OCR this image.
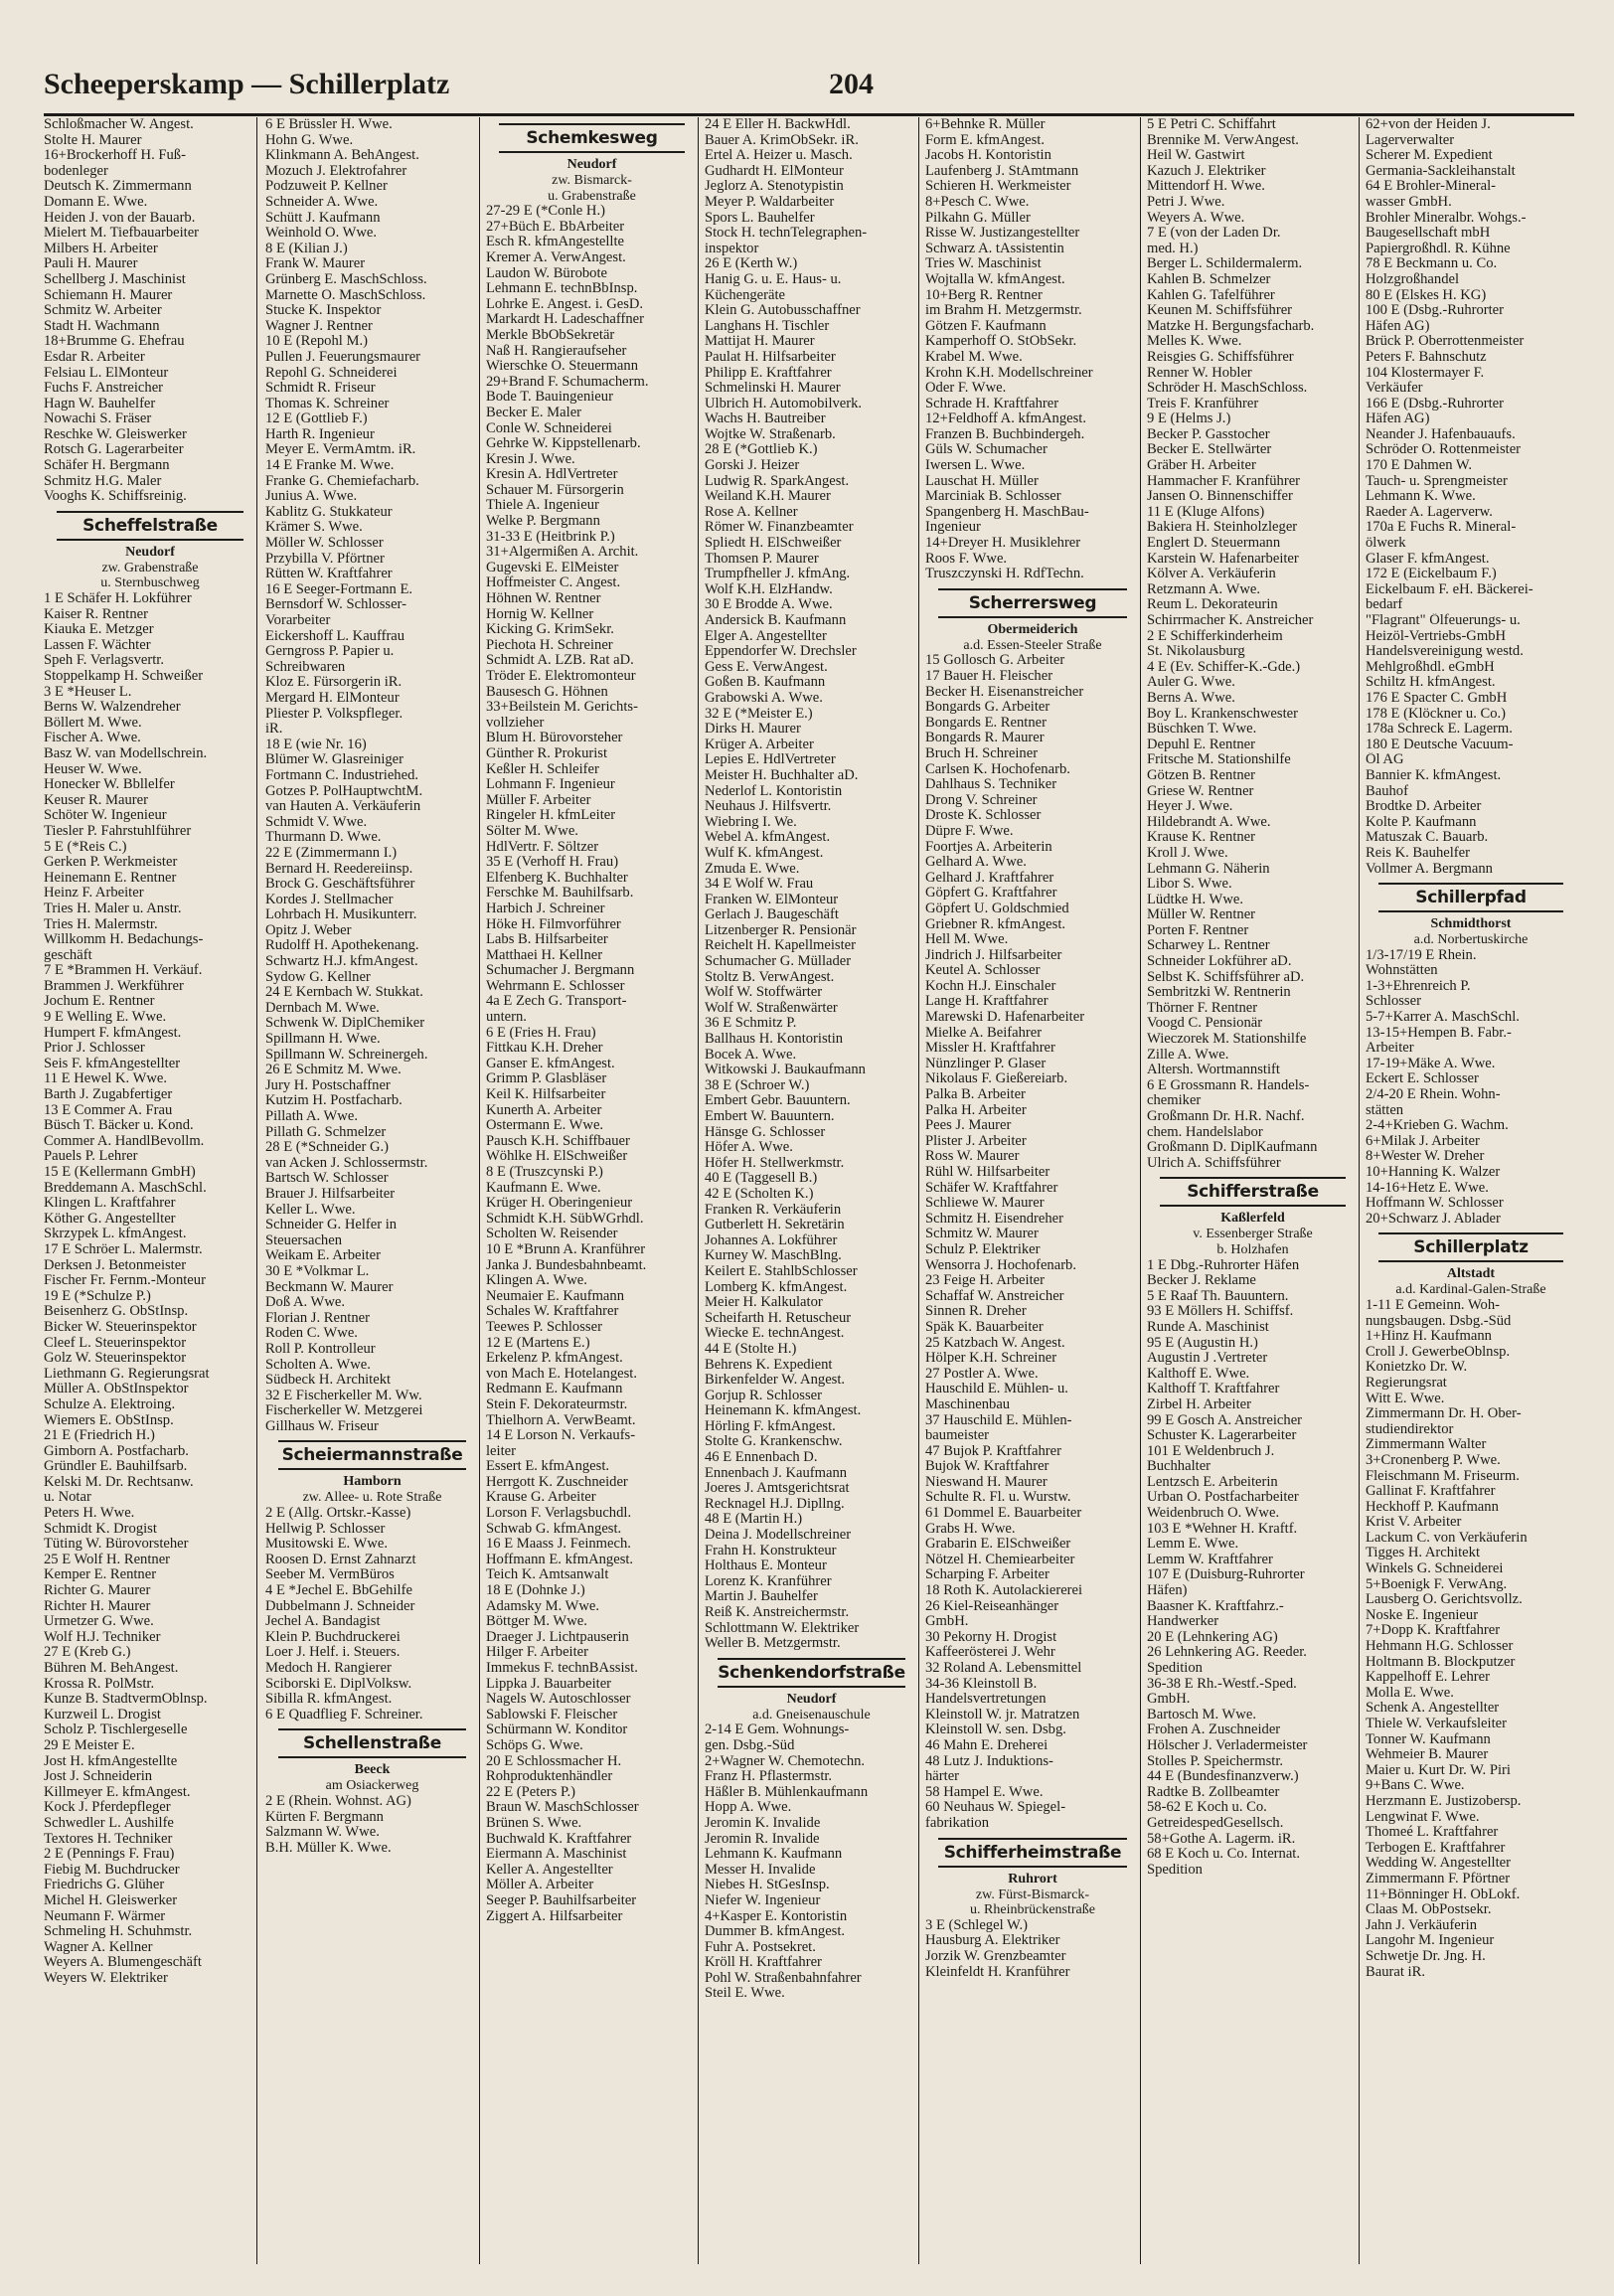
Scheeperskamp — Schillerplatz	204
Schloßmacher W. Angest.
Stolte H. Maurer
16+Brockerhoff H. Fuß-
bodenleger
Deutsch K. Zimmermann
Domann E. Wwe.
Heiden J. von der Bauarb.
Mielert M. Tiefbauarbeiter
Milbers H. Arbeiter
Pauli H. Maurer
Schellberg J. Maschinist
Schiemann H. Maurer
Schmitz W. Arbeiter
Stadt H. Wachmann
18+Brumme G. Ehefrau
Esdar R. Arbeiter
Felsiau L. ElMonteur
Fuchs F. Anstreicher
Hagn W. Bauhelfer
Nowachi S. Fräser
Reschke W. Gleiswerker
Rotsch G. Lagerarbeiter
Schäfer H. Bergmann
Schmitz H.G. Maler
Vooghs K. Schiffsreinig.
Scheffelstraße
Neudorf
zw. Grabenstraße
u. Sternbuschweg
1 E Schäfer H. Lokführer
Kaiser R. Rentner
Kiauka E. Metzger
Lassen F. Wächter
Speh F. Verlagsvertr.
Stoppelkamp H. Schweißer
3 E *Heuser L.
Berns W. Walzendreher
Böllert M. Wwe.
Fischer A. Wwe.
Basz W. van Modellschrein.
Heuser W. Wwe.
Honecker W. Bbllelfer
Keuser R. Maurer
Schöter W. Ingenieur
Tiesler P. Fahrstuhlführer
5 E (*Reis C.)
Gerken P. Werkmeister
Heinemann E. Rentner
Heinz F. Arbeiter
Tries H. Maler u. Anstr.
Tries H. Malermstr.
Willkomm H. Bedachungs-
geschäft
7 E *Brammen H. Verkäuf.
Brammen J. Werkführer
Jochum E. Rentner
9 E Welling E. Wwe.
Humpert F. kfmAngest.
Prior J. Schlosser
Seis F. kfmAngestellter
11 E Hewel K. Wwe.
Barth J. Zugabfertiger
13 E Commer A. Frau
Büsch T. Bäcker u. Kond.
Commer A. HandlBevollm.
Pauels P. Lehrer
15 E (Kellermann GmbH)
Breddemann A. MaschSchl.
Klingen L. Kraftfahrer
Köther G. Angestellter
Skrzypek L. kfmAngest.
17 E Schröer L. Malermstr.
Derksen J. Betonmeister
Fischer Fr. Fernm.-Monteur
19 E (*Schulze P.)
Beisenherz G. ObStInsp.
Bicker W. Steuerinspektor
Cleef L. Steuerinspektor
Golz W. Steuerinspektor
Liethmann G. Regierungsrat
Müller A. ObStInspektor
Schulze A. Elektroing.
Wiemers E. ObStInsp.
21 E (Friedrich H.)
Gimborn A. Postfacharb.
Gründler E. Bauhilfsarb.
Kelski M. Dr. Rechtsanw.
u. Notar
Peters H. Wwe.
Schmidt K. Drogist
Tüting W. Bürovorsteher
25 E Wolf H. Rentner
Kemper E. Rentner
Richter G. Maurer
Richter H. Maurer
Urmetzer G. Wwe.
Wolf H.J. Techniker
27 E (Kreb G.)
Bühren M. BehAngest.
Krossa R. PolMstr.
Kunze B. StadtvermOblnsp.
Kurzweil L. Drogist
Scholz P. Tischlergeselle
29 E Meister E.
Jost H. kfmAngestellte
Jost J. Schneiderin
Killmeyer E. kfmAngest.
Kock J. Pferdepfleger
Schwedler L. Aushilfe
Textores H. Techniker
2 E (Pennings F. Frau)
Fiebig M. Buchdrucker
Friedrichs G. Glüher
Michel H. Gleiswerker
Neumann F. Wärmer
Schmeling H. Schuhmstr.
Wagner A. Kellner
Weyers A. Blumengeschäft
Weyers W. Elektriker
6 E Brüssler H. Wwe.
Hohn G. Wwe.
Klinkmann A. BehAngest.
Mozuch J. Elektrofahrer
Podzuweit P. Kellner
Schneider A. Wwe.
Schütt J. Kaufmann
Weinhold O. Wwe.
8 E (Kilian J.)
Frank W. Maurer
Grünberg E. MaschSchloss.
Marnette O. MaschSchloss.
Stucke K. Inspektor
Wagner J. Rentner
10 E (Repohl M.)
Pullen J. Feuerungsmaurer
Repohl G. Schneiderei
Schmidt R. Friseur
Thomas K. Schreiner
12 E (Gottlieb F.)
Harth R. Ingenieur
Meyer E. VermAmtm. iR.
14 E Franke M. Wwe.
Franke G. Chemiefacharb.
Junius A. Wwe.
Kablitz G. Stukkateur
Krämer S. Wwe.
Möller W. Schlosser
Przybilla V. Pförtner
Rütten W. Kraftfahrer
16 E Seeger-Fortmann E.
Bernsdorf W. Schlosser-
Vorarbeiter
Eickershoff L. Kauffrau
Gerngross P. Papier u.
Schreibwaren
Kloz E. Fürsorgerin iR.
Mergard H. ElMonteur
Pliester P. Volkspfleger.
iR.
18 E (wie Nr. 16)
Blümer W. Glasreiniger
Fortmann C. Industriehed.
Gotzes P. PolHauptwchtM.
van Hauten A. Verkäuferin
Schmidt V. Wwe.
Thurmann D. Wwe.
22 E (Zimmermann I.)
Bernard H. Reedereiinsp.
Brock G. Geschäftsführer
Kordes J. Stellmacher
Lohrbach H. Musikunterr.
Opitz J. Weber
Rudolff H. Apothekenang.
Schwartz H.J. kfmAngest.
Sydow G. Kellner
24 E Kernbach W. Stukkat.
Dernbach M. Wwe.
Schwenk W. DiplChemiker
Spillmann H. Wwe.
Spillmann W. Schreinergeh.
26 E Schmitz M. Wwe.
Jury H. Postschaffner
Kutzim H. Postfacharb.
Pillath A. Wwe.
Pillath G. Schmelzer
28 E (*Schneider G.)
van Acken J. Schlossermstr.
Bartsch W. Schlosser
Brauer J. Hilfsarbeiter
Keller L. Wwe.
Schneider G. Helfer in
Steuersachen
Weikam E. Arbeiter
30 E *Volkmar L.
Beckmann W. Maurer
Doß A. Wwe.
Florian J. Rentner
Roden C. Wwe.
Roll P. Kontrolleur
Scholten A. Wwe.
Südbeck H. Architekt
32 E Fischerkeller M. Ww.
Fischerkeller W. Metzgerei
Gillhaus W. Friseur
Scheiermannstraße
Hamborn
zw. Allee- u. Rote Straße
2 E (Allg. Ortskr.-Kasse)
Hellwig P. Schlosser
Musitowski E. Wwe.
Roosen D. Ernst Zahnarzt
Seeber M. VermBüros
4 E *Jechel E. BbGehilfe
Dubbelmann J. Schneider
Jechel A. Bandagist
Klein P. Buchdruckerei
Loer J. Helf. i. Steuers.
Medoch H. Rangierer
Sciborski E. DiplVolksw.
Sibilla R. kfmAngest.
6 E Quadflieg F. Schreiner.
Schellenstraße
Beeck
am Osiackerweg
2 E (Rhein. Wohnst. AG)
Kürten F. Bergmann
Salzmann W. Wwe.
B.H. Müller K. Wwe.
Schemkesweg
Neudorf
zw. Bismarck-
u. Grabenstraße
27-29 E (*Conle H.)
27+Büch E. BbArbeiter
Esch R. kfmAngestellte
Kremer A. VerwAngest.
Laudon W. Bürobote
Lehmann E. technBbInsp.
Lohrke E. Angest. i. GesD.
Markardt H. Ladeschaffner
Merkle BbObSekretär
Naß H. Rangieraufseher
Wierschke O. Steuermann
29+Brand F. Schumacherm.
Bode T. Bauingenieur
Becker E. Maler
Conle W. Schneiderei
Gehrke W. Kippstellenarb.
Kresin J. Wwe.
Kresin A. HdlVertreter
Schauer M. Fürsorgerin
Thiele A. Ingenieur
Welke P. Bergmann
31-33 E (Heitbrink P.)
31+Algermißen A. Archit.
Gugevski E. ElMeister
Hoffmeister C. Angest.
Höhnen W. Rentner
Hornig W. Kellner
Kicking G. KrimSekr.
Piechota H. Schreiner
Schmidt A. LZB. Rat aD.
Tröder E. Elektromonteur
Bausesch G. Höhnen
33+Beilstein M. Gerichts-
vollzieher
Blum H. Bürovorsteher
Günther R. Prokurist
Keßler H. Schleifer
Lohmann F. Ingenieur
Müller F. Arbeiter
Ringeler H. kfmLeiter
Sölter M. Wwe.
HdlVertr. F. Söltzer
35 E (Verhoff H. Frau)
Elfenberg K. Buchhalter
Ferschke M. Bauhilfsarb.
Harbich J. Schreiner
Höke H. Filmvorführer
Labs B. Hilfsarbeiter
Matthaei H. Kellner
Schumacher J. Bergmann
Wehrmann E. Schlosser
4a E Zech G. Transport-
untern.
6 E (Fries H. Frau)
Fittkau K.H. Dreher
Ganser E. kfmAngest.
Grimm P. Glasbläser
Keil K. Hilfsarbeiter
Kunerth A. Arbeiter
Ostermann E. Wwe.
Pausch K.H. Schiffbauer
Wöhlke H. ElSchweißer
8 E (Truszcynski P.)
Kaufmann E. Wwe.
Krüger H. Oberingenieur
Schmidt K.H. SübWGrhdl.
Scholten W. Reisender
10 E *Brunn A. Kranführer
Janka J. Bundesbahnbeamt.
Klingen A. Wwe.
Neumaier E. Kaufmann
Schales W. Kraftfahrer
Teewes P. Schlosser
12 E (Martens E.)
Erkelenz P. kfmAngest.
von Mach E. Hotelangest.
Redmann E. Kaufmann
Stein F. Dekorateurmstr.
Thielhorn A. VerwBeamt.
14 E Lorson N. Verkaufs-
leiter
Essert E. kfmAngest.
Herrgott K. Zuschneider
Krause G. Arbeiter
Lorson F. Verlagsbuchdl.
Schwab G. kfmAngest.
16 E Maass J. Feinmech.
Hoffmann E. kfmAngest.
Teich K. Amtsanwalt
18 E (Dohnke J.)
Adamsky M. Wwe.
Böttger M. Wwe.
Draeger J. Lichtpauserin
Hilger F. Arbeiter
Immekus F. technBAssist.
Lippka J. Bauarbeiter
Nagels W. Autoschlosser
Sablowski F. Fleischer
Schürmann W. Konditor
Schöps G. Wwe.
20 E Schlossmacher H.
Rohproduktenhändler
22 E (Peters P.)
Braun W. MaschSchlosser
Brünen S. Wwe.
Buchwald K. Kraftfahrer
Eiermann A. Maschinist
Keller A. Angestellter
Möller A. Arbeiter
Seeger P. Bauhilfsarbeiter
Ziggert A. Hilfsarbeiter
24 E Eller H. BackwHdl.
Bauer A. KrimObSekr. iR.
Ertel A. Heizer u. Masch.
Gudhardt H. ElMonteur
Jeglorz A. Stenotypistin
Meyer P. Waldarbeiter
Spors L. Bauhelfer
Stock H. technTelegraphen-
inspektor
26 E (Kerth W.)
Hanig G. u. E. Haus- u.
Küchengeräte
Klein G. Autobusschaffner
Langhans H. Tischler
Mattijat H. Maurer
Paulat H. Hilfsarbeiter
Philipp E. Kraftfahrer
Schmelinski H. Maurer
Ulbrich H. Automobilverk.
Wachs H. Bautreiber
Wojtke W. Straßenarb.
28 E (*Gottlieb K.)
Gorski J. Heizer
Ludwig R. SparkAngest.
Weiland K.H. Maurer
Rose A. Kellner
Römer W. Finanzbeamter
Spliedt H. ElSchweißer
Thomsen P. Maurer
Trumpfheller J. kfmAng.
Wolf K.H. ElzHandw.
30 E Brodde A. Wwe.
Andersick B. Kaufmann
Elger A. Angestellter
Eppendorfer W. Drechsler
Gess E. VerwAngest.
Goßen B. Kaufmann
Grabowski A. Wwe.
32 E (*Meister E.)
Dirks H. Maurer
Krüger A. Arbeiter
Lepies E. HdlVertreter
Meister H. Buchhalter aD.
Nederlof L. Kontoristin
Neuhaus J. Hilfsvertr.
Wiebring I. We.
Webel A. kfmAngest.
Wulf K. kfmAngest.
Zmuda E. Wwe.
34 E Wolf W. Frau
Franken W. ElMonteur
Gerlach J. Baugeschäft
Litzenberger R. Pensionär
Reichelt H. Kapellmeister
Schumacher G. Müllader
Stoltz B. VerwAngest.
Wolf W. Stoffwärter
Wolf W. Straßenwärter
36 E Schmitz P.
Ballhaus H. Kontoristin
Bocek A. Wwe.
Witkowski J. Baukaufmann
38 E (Schroer W.)
Embert Gebr. Bauuntern.
Embert W. Bauuntern.
Hänsge G. Schlosser
Höfer A. Wwe.
Höfer H. Stellwerkmstr.
40 E (Taggesell B.)
42 E (Scholten K.)
Franken R. Verkäuferin
Gutberlett H. Sekretärin
Johannes A. Lokführer
Kurney W. MaschBlng.
Keilert E. StahlbSchlosser
Lomberg K. kfmAngest.
Meier H. Kalkulator
Scheifarth H. Retuscheur
Wiecke E. technAngest.
44 E (Stolte H.)
Behrens K. Expedient
Birkenfelder W. Angest.
Gorjup R. Schlosser
Heinemann K. kfmAngest.
Hörling F. kfmAngest.
Stolte G. Krankenschw.
46 E Ennenbach D.
Ennenbach J. Kaufmann
Joeres J. Amtsgerichtsrat
Recknagel H.J. Dipllng.
48 E (Martin H.)
Deina J. Modellschreiner
Frahn H. Konstrukteur
Holthaus E. Monteur
Lorenz K. Kranführer
Martin J. Bauhelfer
Reiß K. Anstreichermstr.
Schlottmann W. Elektriker
Weller B. Metzgermstr.
Schenkendorfstraße
Neudorf
a.d. Gneisenauschule
2-14 E Gem. Wohnungs-
gen. Dsbg.-Süd
2+Wagner W. Chemotechn.
Franz H. Pflastermstr.
Häßler B. Mühlenkaufmann
Hopp A. Wwe.
Jeromin K. Invalide
Jeromin R. Invalide
Lehmann K. Kaufmann
Messer H. Invalide
Niebes H. StGesInsp.
Niefer W. Ingenieur
4+Kasper E. Kontoristin
Dummer B. kfmAngest.
Fuhr A. Postsekret.
Kröll H. Kraftfahrer
Pohl W. Straßenbahnfahrer
Steil E. Wwe.
6+Behnke R. Müller
Form E. kfmAngest.
Jacobs H. Kontoristin
Laufenberg J. StAmtmann
Schieren H. Werkmeister
8+Pesch C. Wwe.
Pilkahn G. Müller
Risse W. Justizangestellter
Schwarz A. tAssistentin
Tries W. Maschinist
Wojtalla W. kfmAngest.
10+Berg R. Rentner
im Brahm H. Metzgermstr.
Götzen F. Kaufmann
Kamperhoff O. StObSekr.
Krabel M. Wwe.
Krohn K.H. Modellschreiner
Oder F. Wwe.
Schrade H. Kraftfahrer
12+Feldhoff A. kfmAngest.
Franzen B. Buchbindergeh.
Güls W. Schumacher
Iwersen L. Wwe.
Lauschat H. Müller
Marciniak B. Schlosser
Spangenberg H. MaschBau-
Ingenieur
14+Dreyer H. Musiklehrer
Roos F. Wwe.
Truszczynski H. RdfTechn.
Scherrersweg
Obermeiderich
a.d. Essen-Steeler Straße
15 Gollosch G. Arbeiter
17 Bauer H. Fleischer
Becker H. Eisenanstreicher
Bongards G. Arbeiter
Bongards E. Rentner
Bongards R. Maurer
Bruch H. Schreiner
Carlsen K. Hochofenarb.
Dahlhaus S. Techniker
Drong V. Schreiner
Droste K. Schlosser
Düpre F. Wwe.
Foortjes A. Arbeiterin
Gelhard A. Wwe.
Gelhard J. Kraftfahrer
Göpfert G. Kraftfahrer
Göpfert U. Goldschmied
Griebner R. kfmAngest.
Hell M. Wwe.
Jindrich J. Hilfsarbeiter
Keutel A. Schlosser
Kochn H.J. Einschaler
Lange H. Kraftfahrer
Marewski D. Hafenarbeiter
Mielke A. Beifahrer
Missler H. Kraftfahrer
Nünzlinger P. Glaser
Nikolaus F. Gießereiarb.
Palka B. Arbeiter
Palka H. Arbeiter
Pees J. Maurer
Plister J. Arbeiter
Ross W. Maurer
Rühl W. Hilfsarbeiter
Schäfer W. Kraftfahrer
Schliewe W. Maurer
Schmitz H. Eisendreher
Schmitz W. Maurer
Schulz P. Elektriker
Wensorra J. Hochofenarb.
23 Feige H. Arbeiter
Schaffaf W. Anstreicher
Sinnen R. Dreher
Späk K. Bauarbeiter
25 Katzbach W. Angest.
Hölper K.H. Schreiner
27 Postler A. Wwe.
Hauschild E. Mühlen- u.
Maschinenbau
37 Hauschild E. Mühlen-
baumeister
47 Bujok P. Kraftfahrer
Bujok W. Kraftfahrer
Nieswand H. Maurer
Schulte R. Fl. u. Wurstw.
61 Dommel E. Bauarbeiter
Grabs H. Wwe.
Grabarin E. ElSchweißer
Nötzel H. Chemiearbeiter
Scharping F. Arbeiter
18 Roth K. Autolackiererei
26 Kiel-Reiseanhänger
GmbH.
30 Pekorny H. Drogist
Kaffeerösterei J. Wehr
32 Roland A. Lebensmittel
34-36 Kleinstoll B.
Handelsvertretungen
Kleinstoll W. jr. Matratzen
Kleinstoll W. sen. Dsbg.
46 Mahn E. Dreherei
48 Lutz J. Induktions-
härter
58 Hampel E. Wwe.
60 Neuhaus W. Spiegel-
fabrikation
Schifferheimstraße
Ruhrort
zw. Fürst-Bismarck-
u. Rheinbrückenstraße
3 E (Schlegel W.)
Hausburg A. Elektriker
Jorzik W. Grenzbeamter
Kleinfeldt H. Kranführer
5 E Petri C. Schiffahrt
Brennike M. VerwAngest.
Heil W. Gastwirt
Kazuch J. Elektriker
Mittendorf H. Wwe.
Petri J. Wwe.
Weyers A. Wwe.
7 E (von der Laden Dr.
med. H.)
Berger L. Schildermalerm.
Kahlen B. Schmelzer
Kahlen G. Tafelführer
Keunen M. Schiffsführer
Matzke H. Bergungsfacharb.
Melles K. Wwe.
Reisgies G. Schiffsführer
Renner W. Hobler
Schröder H. MaschSchloss.
Treis F. Kranführer
9 E (Helms J.)
Becker P. Gasstocher
Becker E. Stellwärter
Gräber H. Arbeiter
Hammacher F. Kranführer
Jansen O. Binnenschiffer
11 E (Kluge Alfons)
Bakiera H. Steinholzleger
Englert D. Steuermann
Karstein W. Hafenarbeiter
Kölver A. Verkäuferin
Retzmann A. Wwe.
Reum L. Dekorateurin
Schirrmacher K. Anstreicher
2 E Schifferkinderheim
St. Nikolausburg
4 E (Ev. Schiffer-K.-Gde.)
Auler G. Wwe.
Berns A. Wwe.
Boy L. Krankenschwester
Büschken T. Wwe.
Depuhl E. Rentner
Fritsche M. Stationshilfe
Götzen B. Rentner
Griese W. Rentner
Heyer J. Wwe.
Hildebrandt A. Wwe.
Krause K. Rentner
Kroll J. Wwe.
Lehmann G. Näherin
Libor S. Wwe.
Lüdtke H. Wwe.
Müller W. Rentner
Porten F. Rentner
Scharwey L. Rentner
Schneider Lokführer aD.
Selbst K. Schiffsführer aD.
Sembritzki W. Rentnerin
Thörner F. Rentner
Voogd C. Pensionär
Wieczorek M. Stationshilfe
Zille A. Wwe.
Altersh. Wortmannstift
6 E Grossmann R. Handels-
chemiker
Großmann Dr. H.R. Nachf.
chem. Handelslabor
Großmann D. DiplKaufmann
Ulrich A. Schiffsführer
Schifferstraße
Kaßlerfeld
v. Essenberger Straße
b. Holzhafen
1 E Dbg.-Ruhrorter Häfen
Becker J. Reklame
5 E Raaf Th. Bauuntern.
93 E Möllers H. Schiffsf.
Runde A. Maschinist
95 E (Augustin H.)
Augustin J .Vertreter
Kalthoff E. Wwe.
Kalthoff T. Kraftfahrer
Zirbel H. Arbeiter
99 E Gosch A. Anstreicher
Schuster K. Lagerarbeiter
101 E Weldenbruch J.
Buchhalter
Lentzsch E. Arbeiterin
Urban O. Postfacharbeiter
Weidenbruch O. Wwe.
103 E *Wehner H. Kraftf.
Lemm E. Wwe.
Lemm W. Kraftfahrer
107 E (Duisburg-Ruhrorter
Häfen)
Baasner K. Kraftfahrz.-
Handwerker
20 E (Lehnkering AG)
26 Lehnkering AG. Reeder.
Spedition
36-38 E Rh.-Westf.-Sped.
GmbH.
Bartosch M. Wwe.
Frohen A. Zuschneider
Hölscher J. Verladermeister
Stolles P. Speichermstr.
44 E (Bundesfinanzverw.)
Radtke B. Zollbeamter
58-62 E Koch u. Co.
GetreidespedGesellsch.
58+Gothe A. Lagerm. iR.
68 E Koch u. Co. Internat.
Spedition
62+von der Heiden J.
Lagerverwalter
Scherer M. Expedient
Germania-Sackleihanstalt
64 E Brohler-Mineral-
wasser GmbH.
Brohler Mineralbr. Wohgs.-
Baugesellschaft mbH
Papiergroßhdl. R. Kühne
78 E Beckmann u. Co.
Holzgroßhandel
80 E (Elskes H. KG)
100 E (Dsbg.-Ruhrorter
Häfen AG)
Brück P. Oberrottenmeister
Peters F. Bahnschutz
104 Klostermayer F.
Verkäufer
166 E (Dsbg.-Ruhrorter
Häfen AG)
Neander J. Hafenbauaufs.
Schröder O. Rottenmeister
170 E Dahmen W.
Tauch- u. Sprengmeister
Lehmann K. Wwe.
Raeder A. Lagerverw.
170a E Fuchs R. Mineral-
ölwerk
Glaser F. kfmAngest.
172 E (Eickelbaum F.)
Eickelbaum F. eH. Bäckerei-
bedarf
"Flagrant" Ölfeuerungs- u.
Heizöl-Vertriebs-GmbH
Handelsvereinigung westd.
Mehlgroßhdl. eGmbH
Schiltz H. kfmAngest.
176 E Spacter C. GmbH
178 E (Klöckner u. Co.)
178a Schreck E. Lagerm.
180 E Deutsche Vacuum-
Öl AG
Bannier K. kfmAngest.
Bauhof
Brodtke D. Arbeiter
Kolte P. Kaufmann
Matuszak C. Bauarb.
Reis K. Bauhelfer
Vollmer A. Bergmann
Schillerpfad
Schmidthorst
a.d. Norbertuskirche
1/3-17/19 E Rhein.
Wohnstätten
1-3+Ehrenreich P.
Schlosser
5-7+Karrer A. MaschSchl.
13-15+Hempen B. Fabr.-
Arbeiter
17-19+Mäke A. Wwe.
Eckert E. Schlosser
2/4-20 E Rhein. Wohn-
stätten
2-4+Krieben G. Wachm.
6+Milak J. Arbeiter
8+Wester W. Dreher
10+Hanning K. Walzer
14-16+Hetz E. Wwe.
Hoffmann W. Schlosser
20+Schwarz J. Ablader
Schillerplatz
Altstadt
a.d. Kardinal-Galen-Straße
1-11 E Gemeinn. Woh-
nungsbaugen. Dsbg.-Süd
1+Hinz H. Kaufmann
Croll J. GewerbeOblnsp.
Konietzko Dr. W.
Regierungsrat
Witt E. Wwe.
Zimmermann Dr. H. Ober-
studiendirektor
Zimmermann Walter
3+Cronenberg P. Wwe.
Fleischmann M. Friseurm.
Gallinat F. Kraftfahrer
Heckhoff P. Kaufmann
Krist V. Arbeiter
Lackum C. von Verkäuferin
Tigges H. Architekt
Winkels G. Schneiderei
5+Boenigk F. VerwAng.
Lausberg O. Gerichtsvollz.
Noske E. Ingenieur
7+Dopp K. Kraftfahrer
Hehmann H.G. Schlosser
Holtmann B. Blockputzer
Kappelhoff E. Lehrer
Molla E. Wwe.
Schenk A. Angestellter
Thiele W. Verkaufsleiter
Tonner W. Kaufmann
Wehmeier B. Maurer
Maier u. Kurt Dr. W. Piri
9+Bans C. Wwe.
Herzmann E. Justizobersp.
Lengwinat F. Wwe.
Thomeé L. Kraftfahrer
Terbogen E. Kraftfahrer
Wedding W. Angestellter
Zimmermann F. Pförtner
11+Bönninger H. ObLokf.
Claas M. ObPostsekr.
Jahn J. Verkäuferin
Langohr M. Ingenieur
Schwetje Dr. Jng. H.
Baurat iR.
